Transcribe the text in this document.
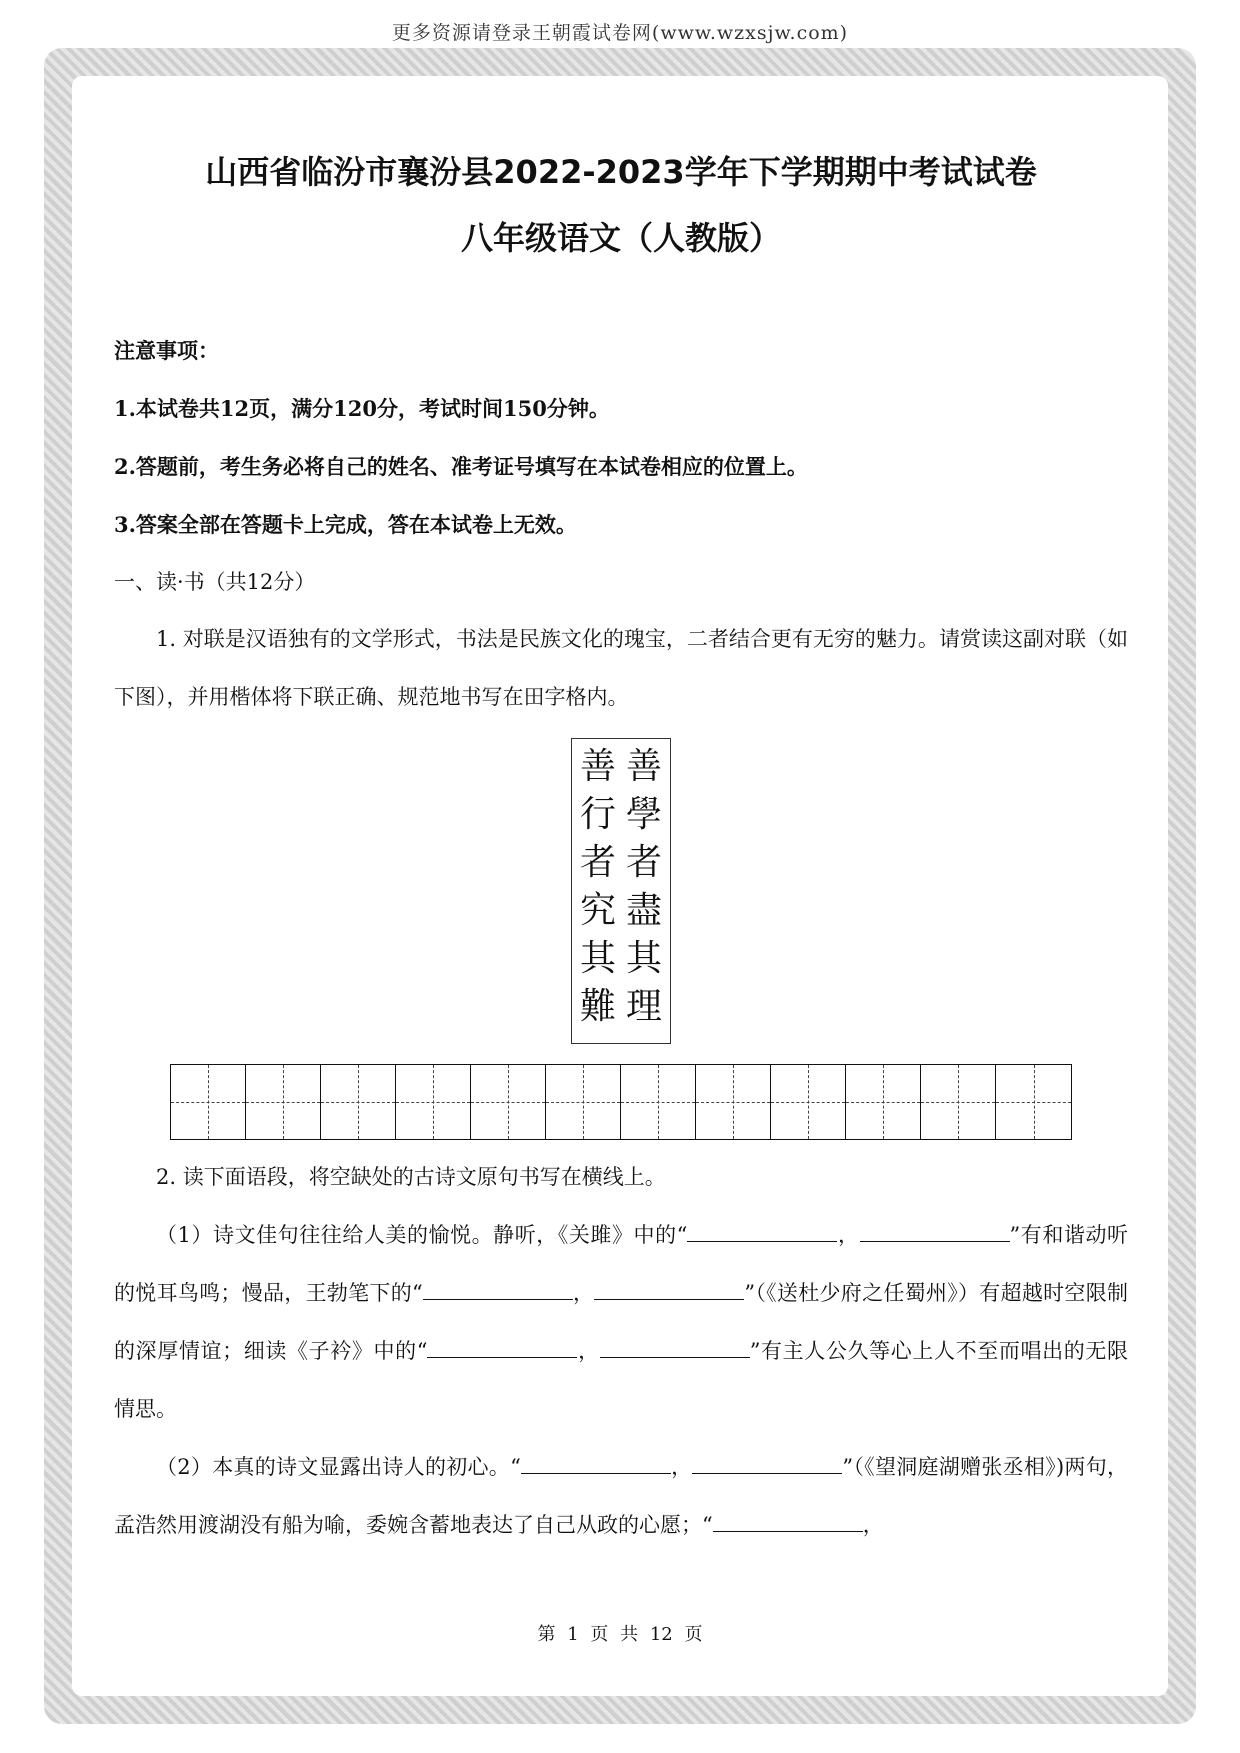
更多资源请登录王朝霞试卷网(www.wzxsjw.com)
山西省临汾市襄汾县2022-2023学年下学期期中考试试卷
八年级语文（人教版）

注意事项：

1.本试卷共12页，满分120分，考试时间150分钟。

2.答题前，考生务必将自己的姓名、准考证号填写在本试卷相应的位置上。

3.答案全部在答题卡上完成，答在本试卷上无效。

一、读·书（共12分）

1. 对联是汉语独有的文学形式，书法是民族文化的瑰宝，二者结合更有无穷的魅力。请赏读这副对联（如下图），并用楷体将下联正确、规范地书写在田字格内。

善
學
者
盡
其
理
善
行
者
究
其
難

2. 读下面语段，将空缺处的古诗文原句书写在横线上。

（1）诗文佳句往往给人美的愉悦。静听，《关雎》中的“	，	”有和谐动听的悦耳鸟鸣；慢品，王勃笔下的“	，	”（《送杜少府之任蜀州》）有超越时空限制的深厚情谊；细读《子衿》中的“	，	”有主人公久等心上人不至而唱出的无限情思。

（2）本真的诗文显露出诗人的初心。“	，	”（《望洞庭湖赠张丞相》)两句，孟浩然用渡湖没有船为喻，委婉含蓄地表达了自己从政的心愿；“	，

第 1 页 共 12 页
